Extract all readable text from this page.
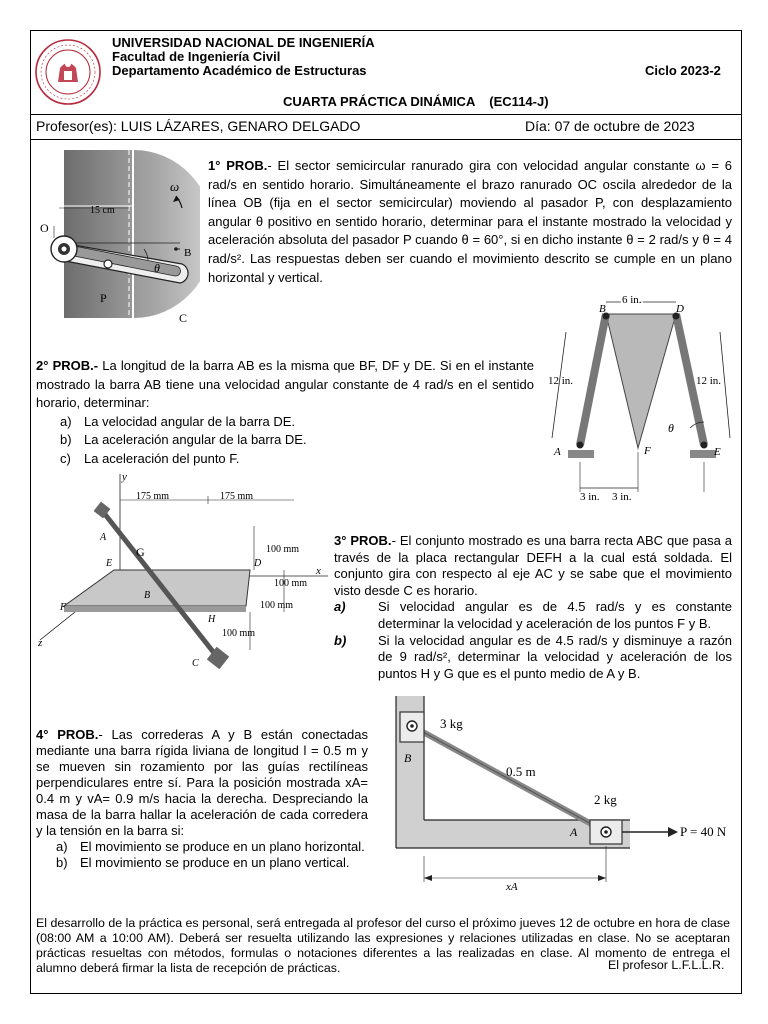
UNIVERSIDAD NACIONAL DE INGENIERÍA
Facultad de Ingeniería Civil
Departamento Académico de Estructuras	Ciclo 2023-2
CUARTA PRÁCTICA DINÁMICA    (EC114-J)
Profesor(es): LUIS LÁZARES, GENARO DELGADO	Día: 07 de octubre de 2023
15 cm
O
B
P
C
ω
θ
1° PROB.- El sector semicircular ranurado gira con velocidad angular constante ω = 6 rad/s en sentido horario. Simultáneamente el brazo ranurado OC oscila alrededor de la línea OB (fija en el sector semicircular) moviendo al pasador P, con desplazamiento angular θ positivo en sentido horario, determinar para el instante mostrado la velocidad y aceleración absoluta del pasador P cuando θ = 60°, si en dicho instante θ = 2 rad/s y θ = 4 rad/s². Las respuestas deben ser cuando el movimiento descrito se cumple en un plano horizontal y vertical.
6 in.
12 in.	12 in.
3 in. 3 in.
B	D
A	E
F
θ
2° PROB.- La longitud de la barra AB es la misma que BF, DF y DE. Si en el instante mostrado la barra AB tiene una velocidad angular constante de 4 rad/s en el sentido horario, determinar:
a) La velocidad angular de la barra DE.
b) La aceleración angular de la barra DE.
c)	La aceleración del punto F.
175 mm	175 mm
100 mm
100 mm
100 mm
100 mm
y
x
z
A
G
B
C
D
E
F
H
3° PROB.- El conjunto mostrado es una barra recta ABC que pasa a través de la placa rectangular DEFH a la cual está soldada. El conjunto gira con respecto al eje AC y se sabe que el movimiento visto desde C es horario.
a)	Si velocidad angular es de 4.5 rad/s y es constante determinar la velocidad y aceleración de los puntos F y B.
b)	Si la velocidad angular es de 4.5 rad/s y disminuye a razón de 9 rad/s², determinar la velocidad y aceleración de los puntos H y G que es el punto medio de A y B.
4° PROB.- Las correderas A y B están conectadas mediante una barra rígida liviana de longitud l = 0.5 m y se mueven sin rozamiento por las guías rectilíneas perpendiculares entre sí. Para la posición mostrada xA= 0.4 m y vA= 0.9 m/s hacia la derecha. Despreciando la masa de la barra hallar la aceleración de cada corredera y la tensión en la barra si:
a) El movimiento se produce en un plano horizontal.
b) El movimiento se produce en un plano vertical.
3 kg
2 kg
0.5 m
P = 40 N
B
A
xA
El desarrollo de la práctica es personal, será entregada al profesor del curso el próximo jueves 12 de octubre en hora de clase (08:00 AM a 10:00 AM). Deberá ser resuelta utilizando las expresiones y relaciones utilizadas en clase. No se aceptaran prácticas resueltas con métodos, formulas o notaciones diferentes a las realizadas en clase. Al momento de entrega el alumno deberá firmar la lista de recepción de prácticas.	El profesor L.F.L.L.R.
